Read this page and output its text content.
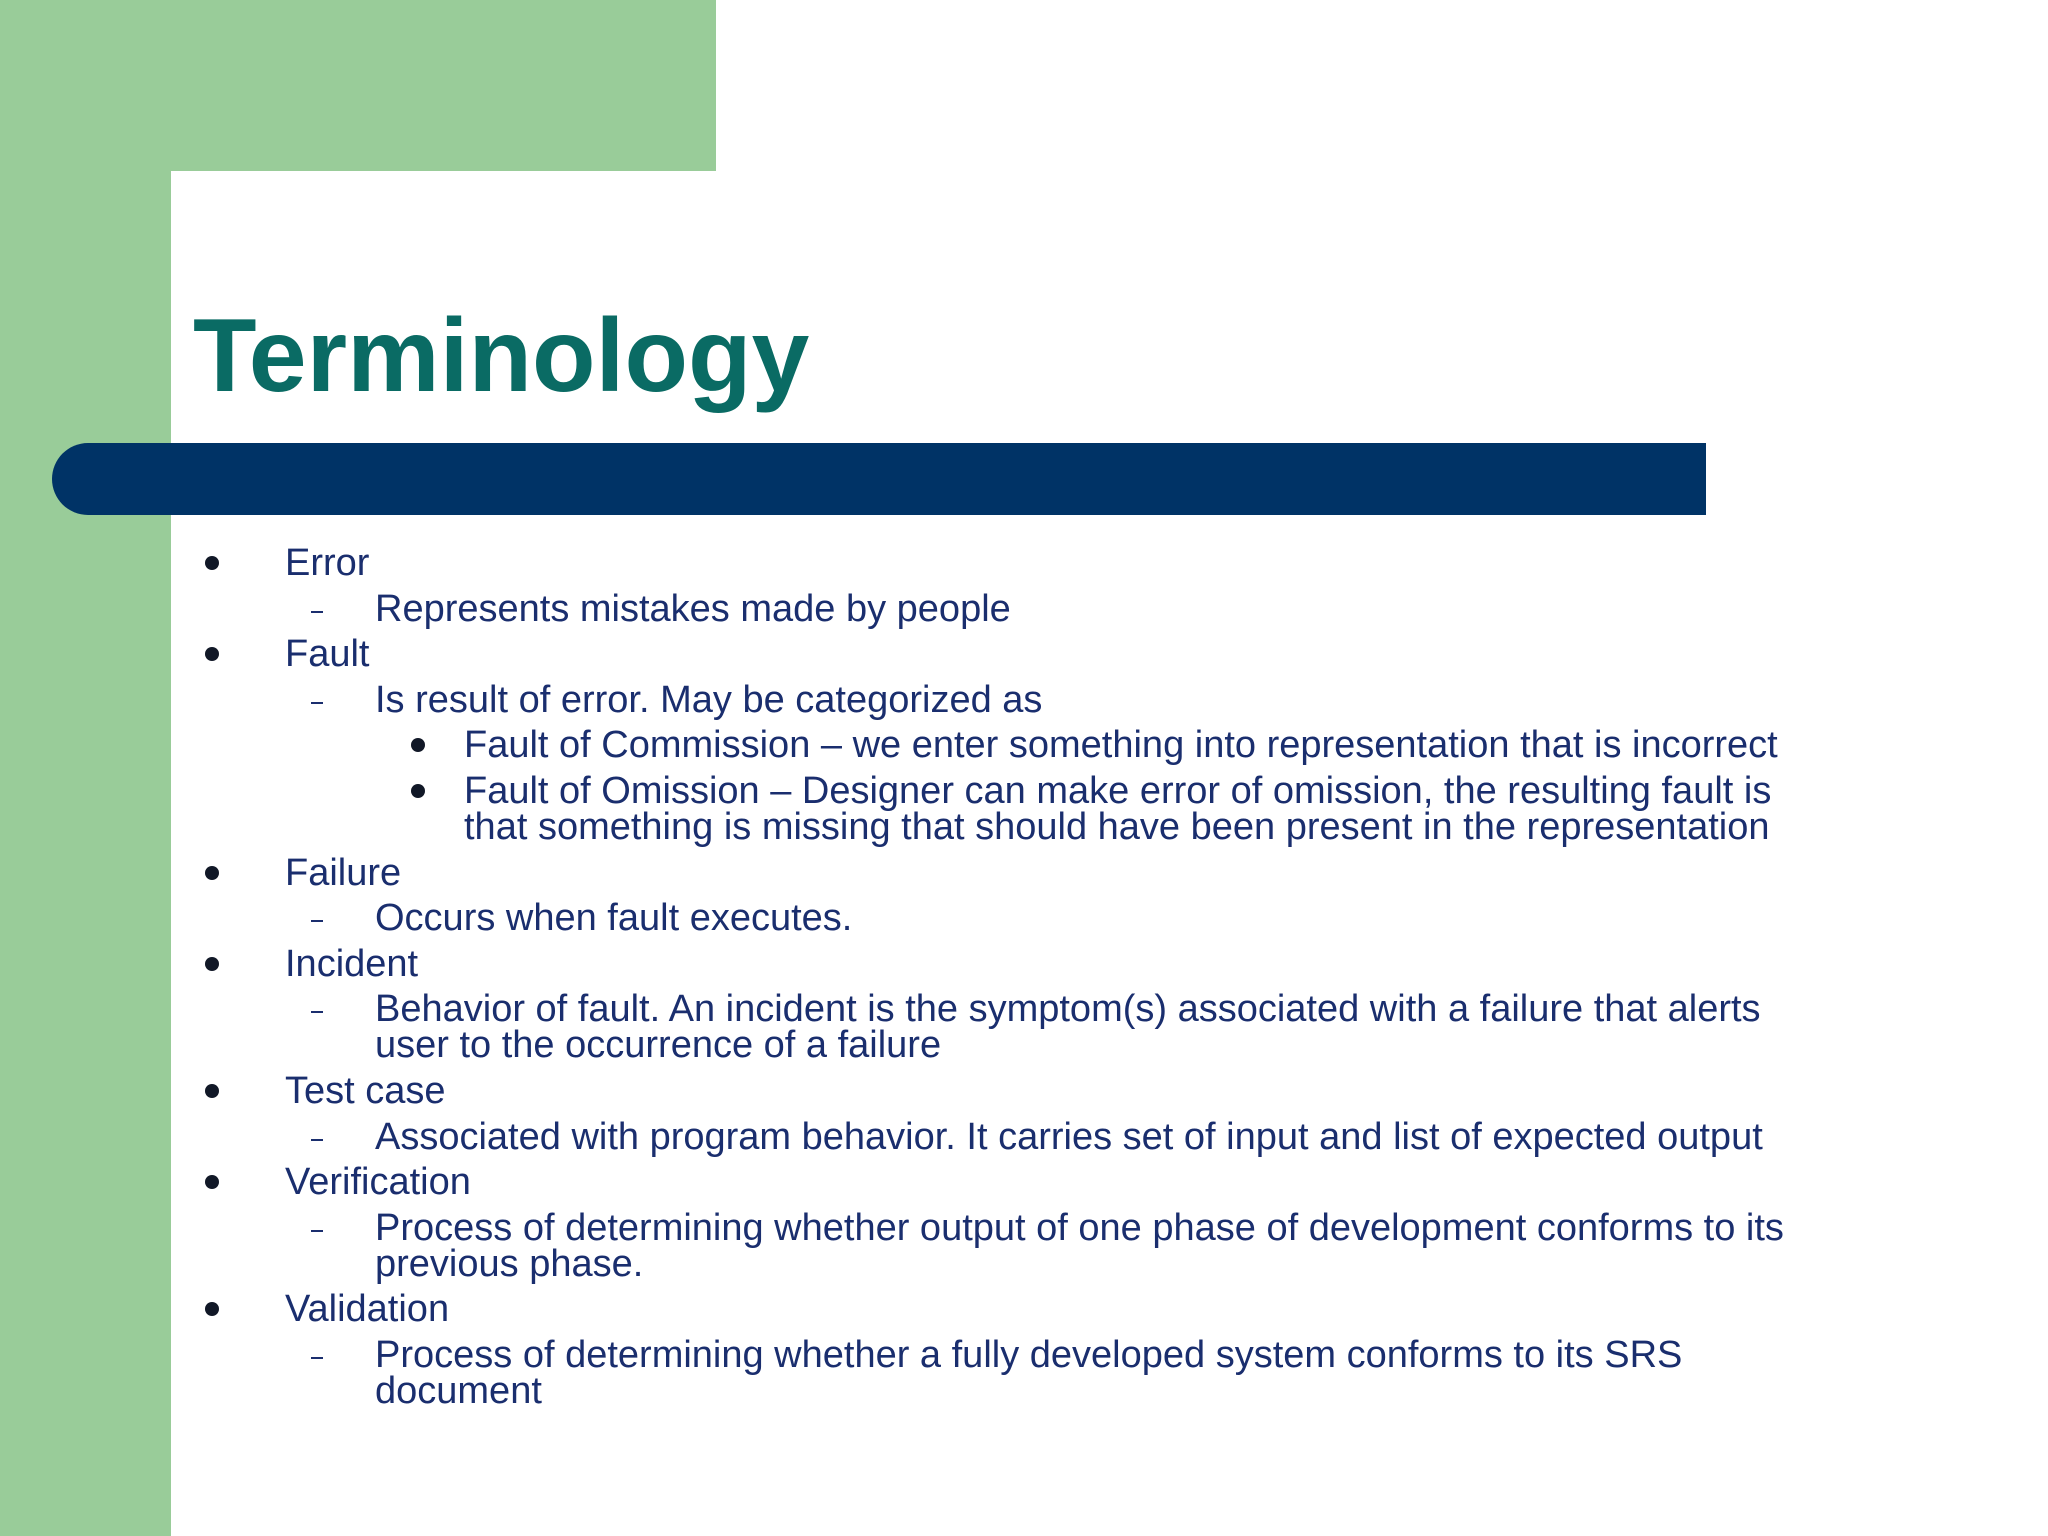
Terminology
Error
Represents mistakes made by people
Fault
Is result of error. May be categorized as
Fault of Commission – we enter something into representation that is incorrect
Fault of Omission – Designer can make error of omission, the resulting fault is
that something is missing that should have been present in the representation
Failure
Occurs when fault executes.
Incident
Behavior of fault. An incident is the symptom(s) associated with a failure that alerts
user to the occurrence of a failure
Test case
Associated with program behavior. It carries set of input and list of expected output
Verification
Process of determining whether output of one phase of development conforms to its
previous phase.
Validation
Process of determining whether a fully developed system conforms to its SRS
document
